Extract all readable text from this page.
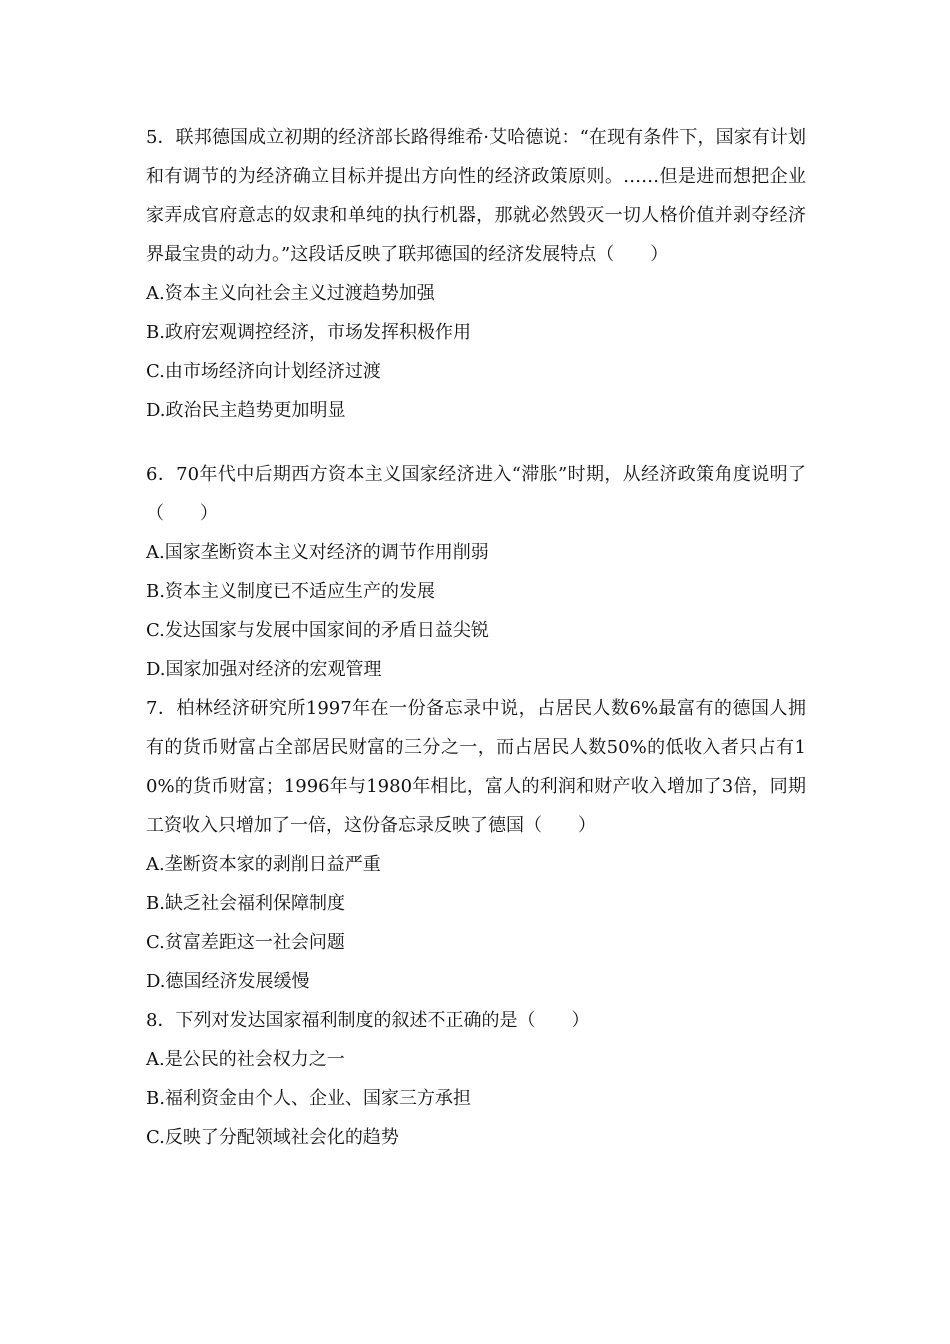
5．联邦德国成立初期的经济部长路得维希·艾哈德说：“在现有条件下，国家有计划和有调节的为经济确立目标并提出方向性的经济政策原则。……但是进而想把企业家弄成官府意志的奴隶和单纯的执行机器，那就必然毁灭一切人格价值并剥夺经济界最宝贵的动力。”这段话反映了联邦德国的经济发展特点（　　）

A.资本主义向社会主义过渡趋势加强

B.政府宏观调控经济，市场发挥积极作用

C.由市场经济向计划经济过渡

D.政治民主趋势更加明显

6．70年代中后期西方资本主义国家经济进入“滞胀”时期，从经济政策角度说明了（　　）

A.国家垄断资本主义对经济的调节作用削弱

B.资本主义制度已不适应生产的发展

C.发达国家与发展中国家间的矛盾日益尖锐

D.国家加强对经济的宏观管理

7．柏林经济研究所1997年在一份备忘录中说，占居民人数6%最富有的德国人拥有的货币财富占全部居民财富的三分之一，而占居民人数50%的低收入者只占有10%的货币财富；1996年与1980年相比，富人的利润和财产收入增加了3倍，同期工资收入只增加了一倍，这份备忘录反映了德国（　　）

A.垄断资本家的剥削日益严重

B.缺乏社会福利保障制度

C.贫富差距这一社会问题

D.德国经济发展缓慢

8．下列对发达国家福利制度的叙述不正确的是（　　）

A.是公民的社会权力之一

B.福利资金由个人、企业、国家三方承担

C.反映了分配领域社会化的趋势
